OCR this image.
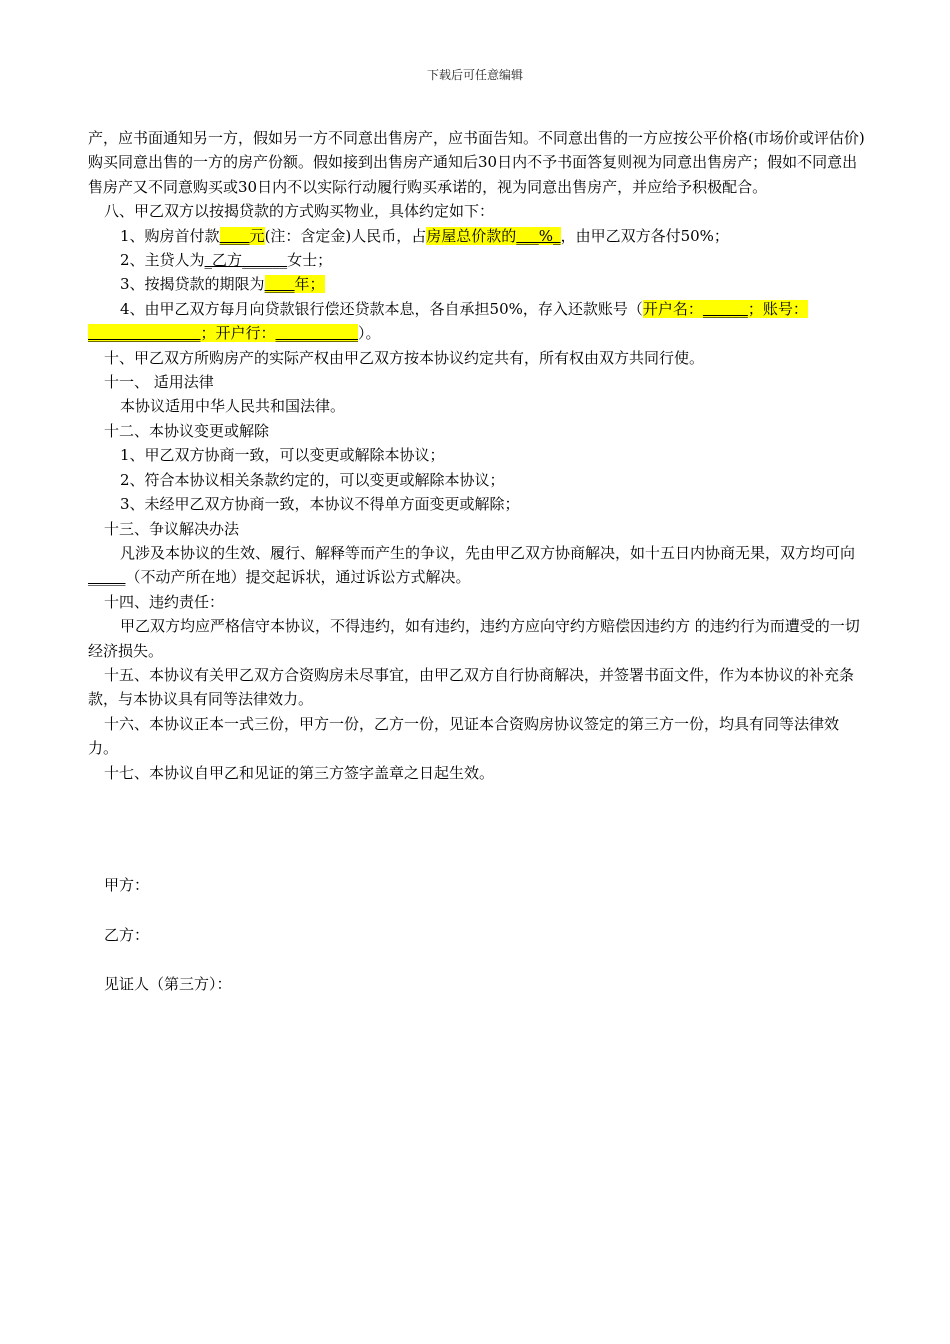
下载后可任意编辑

产，应书面通知另一方，假如另一方不同意出售房产，应书面告知。不同意出售的一方应按公平价格(市场价或评估价)购买同意出售的一方的房产份额。假如接到出售房产通知后30日内不予书面答复则视为同意出售房产；假如不同意出售房产又不同意购买或30日内不以实际行动履行购买承诺的，视为同意出售房产，并应给予积极配合。

八、甲乙双方以按揭贷款的方式购买物业，具体约定如下：

1、购房首付款____元(注：含定金)人民币，占房屋总价款的___%_，由甲乙双方各付50%；

2、主贷人为_乙方______女士；

3、按揭贷款的期限为____年；

4、由甲乙双方每月向贷款银行偿还贷款本息，各自承担50%，存入还款账号（开户名：______；账号：_______________；开户行：___________）。

十、甲乙双方所购房产的实际产权由甲乙双方按本协议约定共有，所有权由双方共同行使。

十一、 适用法律

本协议适用中华人民共和国法律。

十二、本协议变更或解除

1、甲乙双方协商一致，可以变更或解除本协议；

2、符合本协议相关条款约定的，可以变更或解除本协议；

3、未经甲乙双方协商一致，本协议不得单方面变更或解除；

十三、争议解决办法

凡涉及本协议的生效、履行、解释等而产生的争议，先由甲乙双方协商解决，如十五日内协商无果，双方均可向_____（不动产所在地）提交起诉状，通过诉讼方式解决。

十四、违约责任：

甲乙双方均应严格信守本协议，不得违约，如有违约，违约方应向守约方赔偿因违约方 的违约行为而遭受的一切经济损失。

十五、本协议有关甲乙双方合资购房未尽事宜，由甲乙双方自行协商解决，并签署书面文件，作为本协议的补充条款，与本协议具有同等法律效力。

十六、本协议正本一式三份，甲方一份，乙方一份，见证本合资购房协议签定的第三方一份，均具有同等法律效力。

十七、本协议自甲乙和见证的第三方签字盖章之日起生效。

甲方：
乙方：
见证人（第三方）：
